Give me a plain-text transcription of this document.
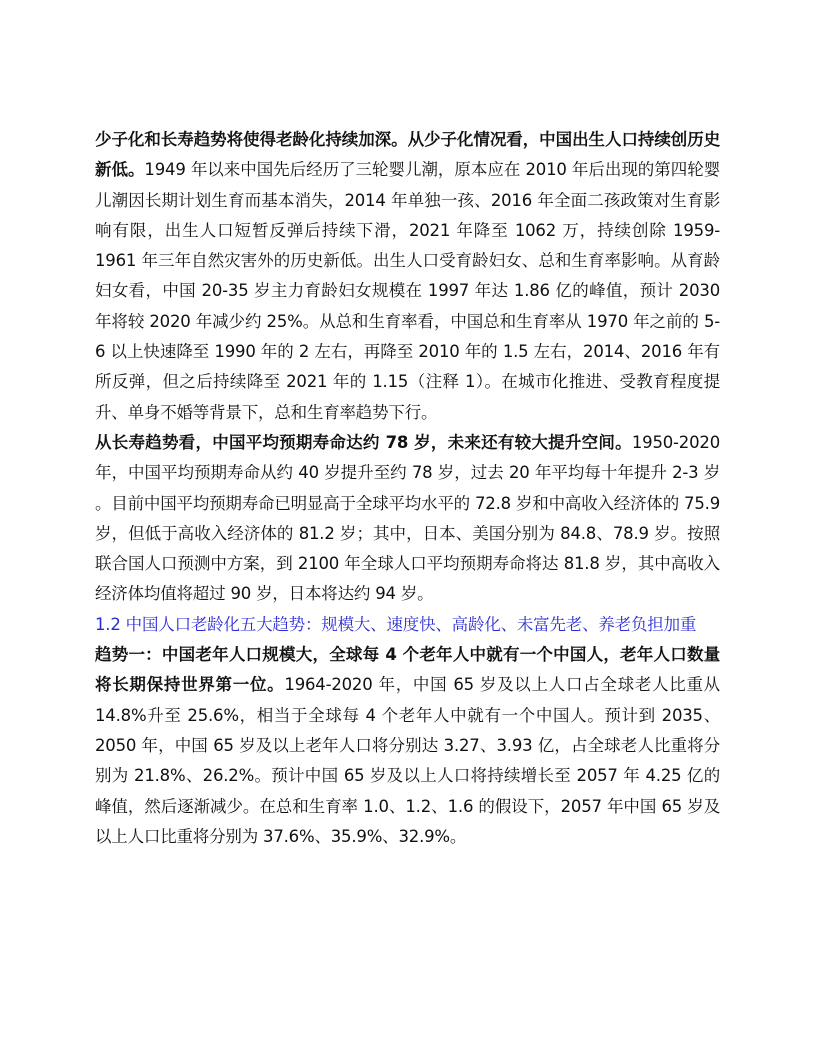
少子化和长寿趋势将使得老龄化持续加深。从少子化情况看，中国出生人口持续创历史新低。1949 年以来中国先后经历了三轮婴儿潮，原本应在 2010 年后出现的第四轮婴儿潮因长期计划生育而基本消失，2014 年单独一孩、2016 年全面二孩政策对生育影响有限，出生人口短暂反弹后持续下滑，2021 年降至 1062 万，持续创除 1959-1961 年三年自然灾害外的历史新低。出生人口受育龄妇女、总和生育率影响。从育龄妇女看，中国 20-35 岁主力育龄妇女规模在 1997 年达 1.86 亿的峰值，预计 2030 年将较 2020 年减少约 25%。从总和生育率看，中国总和生育率从 1970 年之前的 5-6 以上快速降至 1990 年的 2 左右，再降至 2010 年的 1.5 左右，2014、2016 年有所反弹，但之后持续降至 2021 年的 1.15（注释 1）。在城市化推进、受教育程度提升、单身不婚等背景下，总和生育率趋势下行。

从长寿趋势看，中国平均预期寿命达约 78 岁，未来还有较大提升空间。1950-2020 年，中国平均预期寿命从约 40 岁提升至约 78 岁，过去 20 年平均每十年提升 2-3 岁 。目前中国平均预期寿命已明显高于全球平均水平的 72.8 岁和中高收入经济体的 75.9 岁，但低于高收入经济体的 81.2 岁；其中，日本、美国分别为 84.8、78.9 岁。按照联合国人口预测中方案，到 2100 年全球人口平均预期寿命将达 81.8 岁，其中高收入经济体均值将超过 90 岁，日本将达约 94 岁。

1.2 中国人口老龄化五大趋势：规模大、速度快、高龄化、未富先老、养老负担加重

趋势一：中国老年人口规模大，全球每 4 个老年人中就有一个中国人，老年人口数量将长期保持世界第一位。1964-2020 年，中国 65 岁及以上人口占全球老人比重从 14.8%升至 25.6%，相当于全球每 4 个老年人中就有一个中国人。预计到 2035、2050 年，中国 65 岁及以上老年人口将分别达 3.27、3.93 亿，占全球老人比重将分别为 21.8%、26.2%。预计中国 65 岁及以上人口将持续增长至 2057 年 4.25 亿的峰值，然后逐渐减少。在总和生育率 1.0、1.2、1.6 的假设下，2057 年中国 65 岁及以上人口比重将分别为 37.6%、35.9%、32.9%。
